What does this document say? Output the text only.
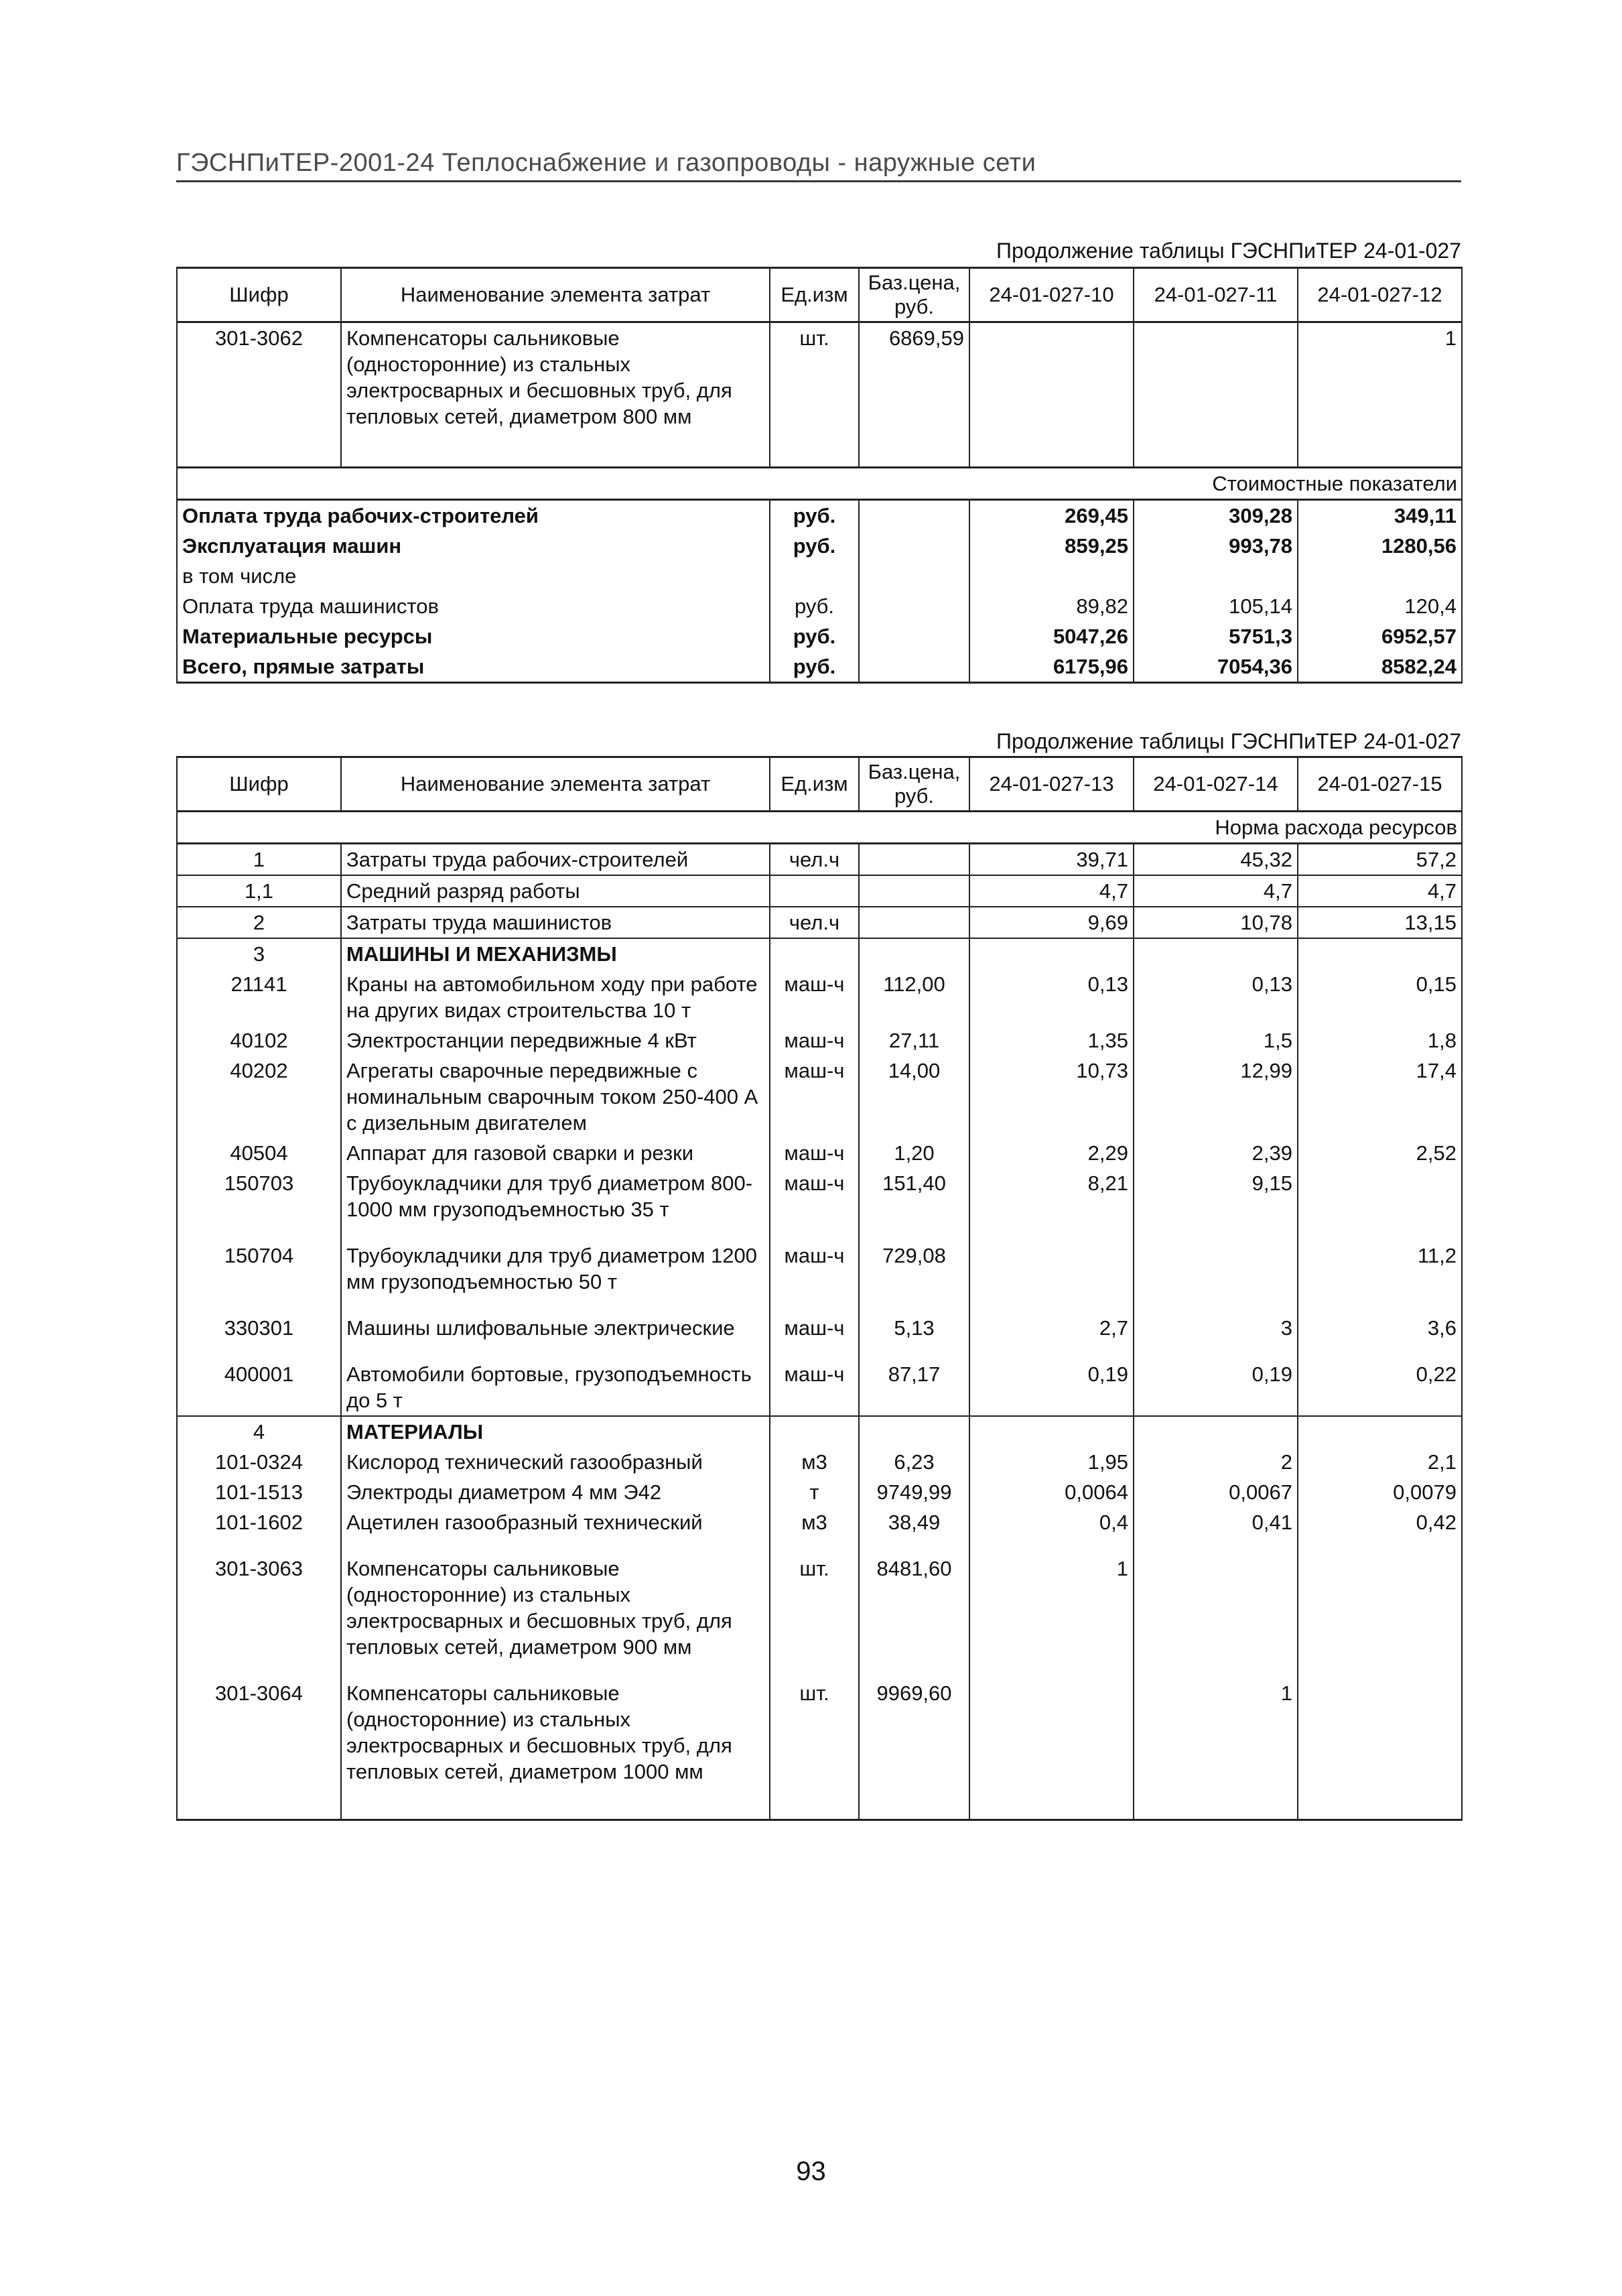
ГЭСНПиТЕР-2001-24 Теплоснабжение и газопроводы - наружные сети
Продолжение таблицы ГЭСНПиТЕР 24-01-027
Шифр	Наименование элемента затрат	Ед.изм	Баз.цена, руб.	24-01-027-10	24-01-027-11	24-01-027-12
301-3062	Компенсаторы сальниковые (односторонние) из стальных электросварных и бесшовных труб, для тепловых сетей, диаметром 800 мм	шт.	6869,59			1

Стоимостные показатели						
Оплата труда рабочих-строителей		руб.		269,45	309,28	349,11
Эксплуатация машин		руб.		859,25	993,78	1280,56
в том числе						
Оплата труда машинистов		руб.		89,82	105,14	120,4
Материальные ресурсы		руб.		5047,26	5751,3	6952,57
Всего, прямые затраты		руб.		6175,96	7054,36	8582,24
Продолжение таблицы ГЭСНПиТЕР 24-01-027
Шифр	Наименование элемента затрат	Ед.изм	Баз.цена, руб.	24-01-027-13	24-01-027-14	24-01-027-15
Норма расхода ресурсов						
1	Затраты труда рабочих-строителей	чел.ч		39,71	45,32	57,2
1,1	Средний разряд работы			4,7	4,7	4,7
2	Затраты труда машинистов	чел.ч		9,69	10,78	13,15
3	МАШИНЫ И МЕХАНИЗМЫ					
21141	Краны на автомобильном ходу при работе на других видах строительства 10 т	маш-ч	112,00	0,13	0,13	0,15
40102	Электростанции передвижные 4 кВт	маш-ч	27,11	1,35	1,5	1,8
40202	Агрегаты сварочные передвижные с номинальным сварочным током 250-400 А с дизельным двигателем	маш-ч	14,00	10,73	12,99	17,4
40504	Аппарат для газовой сварки и резки	маш-ч	1,20	2,29	2,39	2,52
150703	Трубоукладчики для труб диаметром 800-1000 мм грузоподъемностью 35 т	маш-ч	151,40	8,21	9,15	

150704	Трубоукладчики для труб диаметром 1200 мм грузоподъемностью 50 т	маш-ч	729,08			11,2

330301	Машины шлифовальные электрические	маш-ч	5,13	2,7	3	3,6

400001	Автомобили бортовые, грузоподъемность до 5 т	маш-ч	87,17	0,19	0,19	0,22
4	МАТЕРИАЛЫ					
101-0324	Кислород технический газообразный	м3	6,23	1,95	2	2,1
101-1513	Электроды диаметром 4 мм Э42	т	9749,99	0,0064	0,0067	0,0079
101-1602	Ацетилен газообразный технический	м3	38,49	0,4	0,41	0,42

301-3063	Компенсаторы сальниковые (односторонние) из стальных электросварных и бесшовных труб, для тепловых сетей, диаметром 900 мм	шт.	8481,60	1		

301-3064	Компенсаторы сальниковые (односторонние) из стальных электросварных и бесшовных труб, для тепловых сетей, диаметром 1000 мм	шт.	9969,60		1	

93
